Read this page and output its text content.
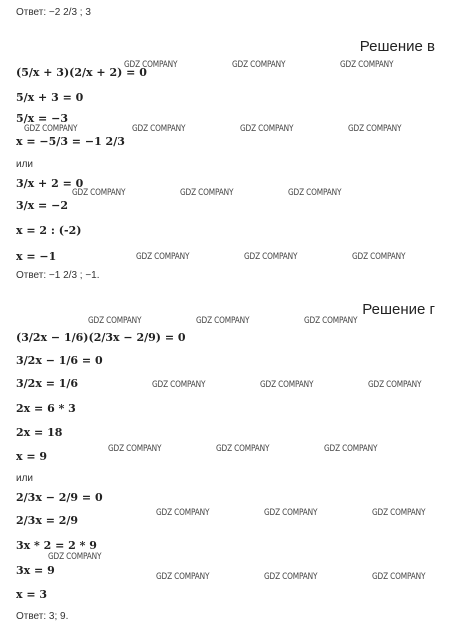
Ответ: −2 2/3 ; 3
Решение в
(5/x + 3)(2/x + 2) = 0
5/x + 3 = 0
5/x = −3
x = −5/3 = −1 2/3
или
3/x + 2 = 0
3/x = −2
x = 2 : (-2)
x = −1
Ответ: −1 2/3 ; −1.
Решение г
(3/2x − 1/6)(2/3x − 2/9) = 0
3/2x − 1/6 = 0
3/2x = 1/6
2x = 6 * 3
2x = 18
x = 9
или
2/3x − 2/9 = 0
2/3x = 2/9
3x * 2 = 2 * 9
3x = 9
x = 3
Ответ: 3; 9.
GDZ COMPANY	GDZ COMPANY	GDZ COMPANY
GDZ COMPANY	GDZ COMPANY	GDZ COMPANY	GDZ COMPANY
GDZ COMPANY	GDZ COMPANY	GDZ COMPANY
GDZ COMPANY	GDZ COMPANY	GDZ COMPANY
GDZ COMPANY	GDZ COMPANY	GDZ COMPANY
GDZ COMPANY	GDZ COMPANY	GDZ COMPANY
GDZ COMPANY	GDZ COMPANY	GDZ COMPANY
GDZ COMPANY	GDZ COMPANY	GDZ COMPANY
GDZ COMPANY
GDZ COMPANY	GDZ COMPANY	GDZ COMPANY
